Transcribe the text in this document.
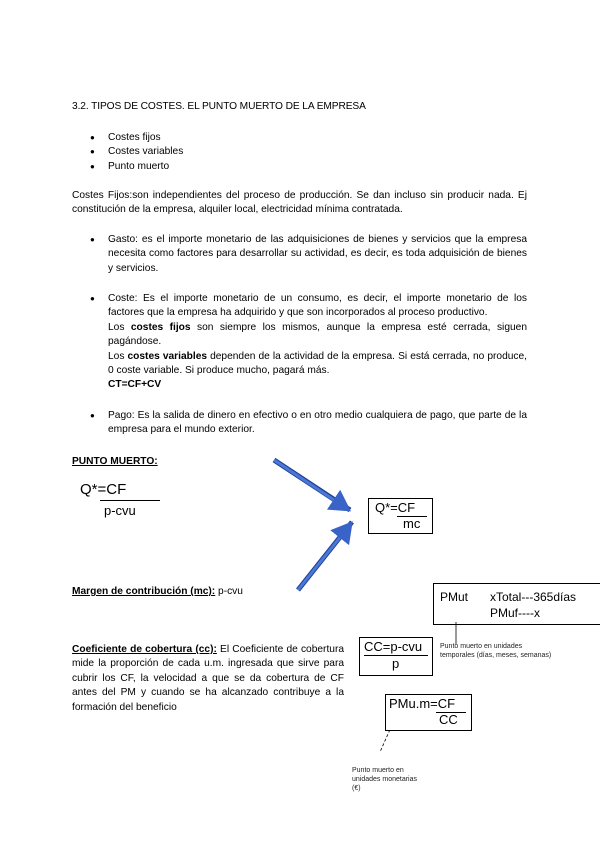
3.2. TIPOS DE COSTES. EL PUNTO MUERTO DE LA EMPRESA
● Costes fijos
● Costes variables
● Punto muerto
Costes Fijos:son independientes del proceso de producción. Se dan incluso sin producir nada. Ej constitución de la empresa, alquiler local, electricidad mínima contratada.
● Gasto: es el importe monetario de las adquisiciones de bienes y servicios que la empresa necesita como factores para desarrollar su actividad, es decir, es toda adquisición de bienes y servicios.
● Coste: Es el importe monetario de un consumo, es decir, el importe monetario de los factores que la empresa ha adquirido y que son incorporados al proceso productivo.
Los costes fijos son siempre los mismos, aunque la empresa esté cerrada, siguen pagándose.
Los costes variables dependen de la actividad de la empresa. Si está cerrada, no produce, 0 coste variable. Si produce mucho, pagará más.
CT=CF+CV
● Pago: Es la salida de dinero en efectivo o en otro medio cualquiera de pago, que parte de la empresa para el mundo exterior.
PUNTO MUERTO:
Q*=CF
p-cvu	Q*=CF
mc
Margen de contribución (mc): p-cvu	PMut xTotal---365días
PMuf----x
Coeficiente de cobertura (cc): El Coeficiente de cobertura mide la proporción de cada u.m. ingresada que sirve para cubrir los CF, la velocidad a que se da cobertura de CF antes del PM y cuando se ha alcanzado contribuye a la formación del beneficio
CC=p-cvu
p
Punto muerto en unidades temporales (días, meses, semanas)
PMu.m=CF
CC
Punto muerto en unidades monetarias (€)
